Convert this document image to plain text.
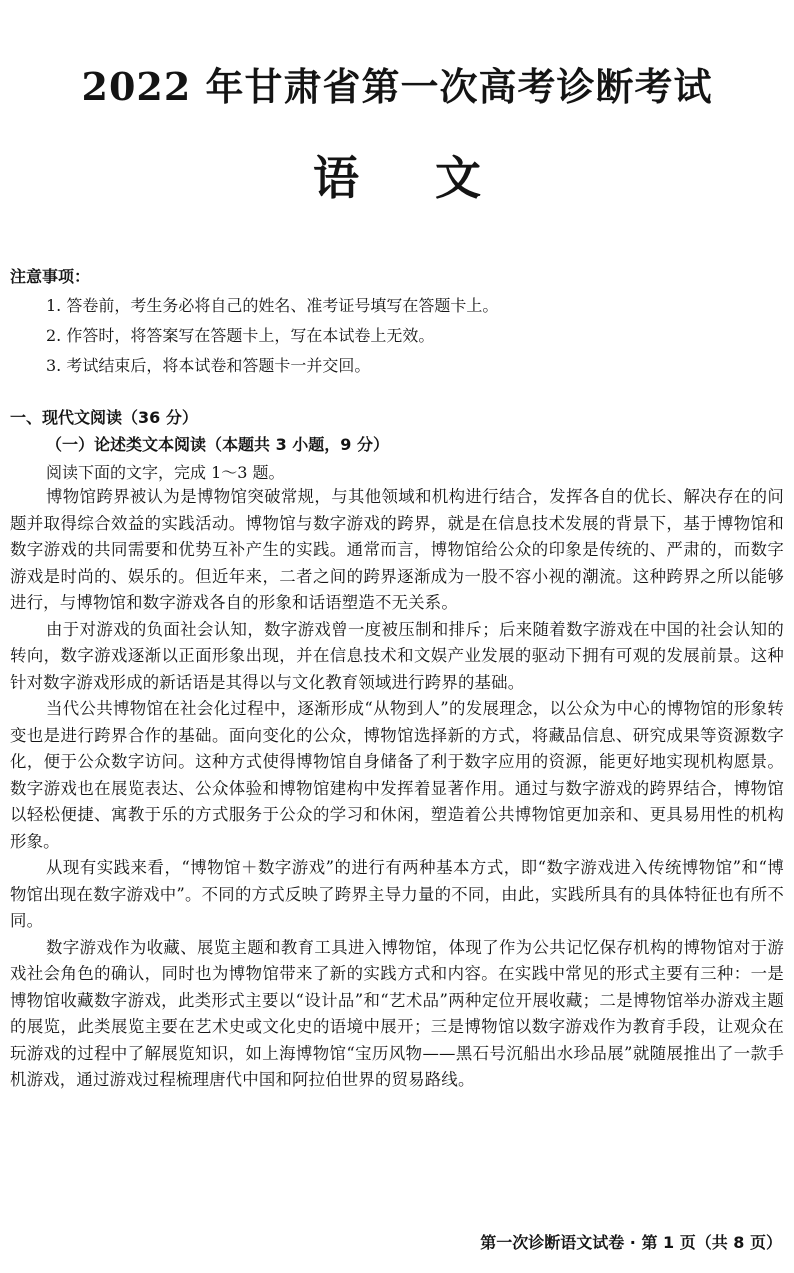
2022 年甘肃省第一次高考诊断考试
语文
注意事项：
1. 答卷前，考生务必将自己的姓名、准考证号填写在答题卡上。
2. 作答时，将答案写在答题卡上，写在本试卷上无效。
3. 考试结束后，将本试卷和答题卡一并交回。
一、现代文阅读（36 分）
（一）论述类文本阅读（本题共 3 小题，9 分）
阅读下面的文字，完成 1～3 题。

博物馆跨界被认为是博物馆突破常规，与其他领域和机构进行结合，发挥各自的优长、解决存在的问题并取得综合效益的实践活动。博物馆与数字游戏的跨界，就是在信息技术发展的背景下，基于博物馆和数字游戏的共同需要和优势互补产生的实践。通常而言，博物馆给公众的印象是传统的、严肃的，而数字游戏是时尚的、娱乐的。但近年来，二者之间的跨界逐渐成为一股不容小视的潮流。这种跨界之所以能够进行，与博物馆和数字游戏各自的形象和话语塑造不无关系。

由于对游戏的负面社会认知，数字游戏曾一度被压制和排斥；后来随着数字游戏在中国的社会认知的转向，数字游戏逐渐以正面形象出现，并在信息技术和文娱产业发展的驱动下拥有可观的发展前景。这种针对数字游戏形成的新话语是其得以与文化教育领域进行跨界的基础。

当代公共博物馆在社会化过程中，逐渐形成“从物到人”的发展理念，以公众为中心的博物馆的形象转变也是进行跨界合作的基础。面向变化的公众，博物馆选择新的方式，将藏品信息、研究成果等资源数字化，便于公众数字访问。这种方式使得博物馆自身储备了利于数字应用的资源，能更好地实现机构愿景。数字游戏也在展览表达、公众体验和博物馆建构中发挥着显著作用。通过与数字游戏的跨界结合，博物馆以轻松便捷、寓教于乐的方式服务于公众的学习和休闲，塑造着公共博物馆更加亲和、更具易用性的机构形象。

从现有实践来看，“博物馆＋数字游戏”的进行有两种基本方式，即“数字游戏进入传统博物馆”和“博物馆出现在数字游戏中”。不同的方式反映了跨界主导力量的不同，由此，实践所具有的具体特征也有所不同。

数字游戏作为收藏、展览主题和教育工具进入博物馆，体现了作为公共记忆保存机构的博物馆对于游戏社会角色的确认，同时也为博物馆带来了新的实践方式和内容。在实践中常见的形式主要有三种：一是博物馆收藏数字游戏，此类形式主要以“设计品”和“艺术品”两种定位开展收藏；二是博物馆举办游戏主题的展览，此类展览主要在艺术史或文化史的语境中展开；三是博物馆以数字游戏作为教育手段，让观众在玩游戏的过程中了解展览知识，如上海博物馆“宝历风物——黑石号沉船出水珍品展”就随展推出了一款手机游戏，通过游戏过程梳理唐代中国和阿拉伯世界的贸易路线。

第一次诊断语文试卷 · 第 1 页（共 8 页）
